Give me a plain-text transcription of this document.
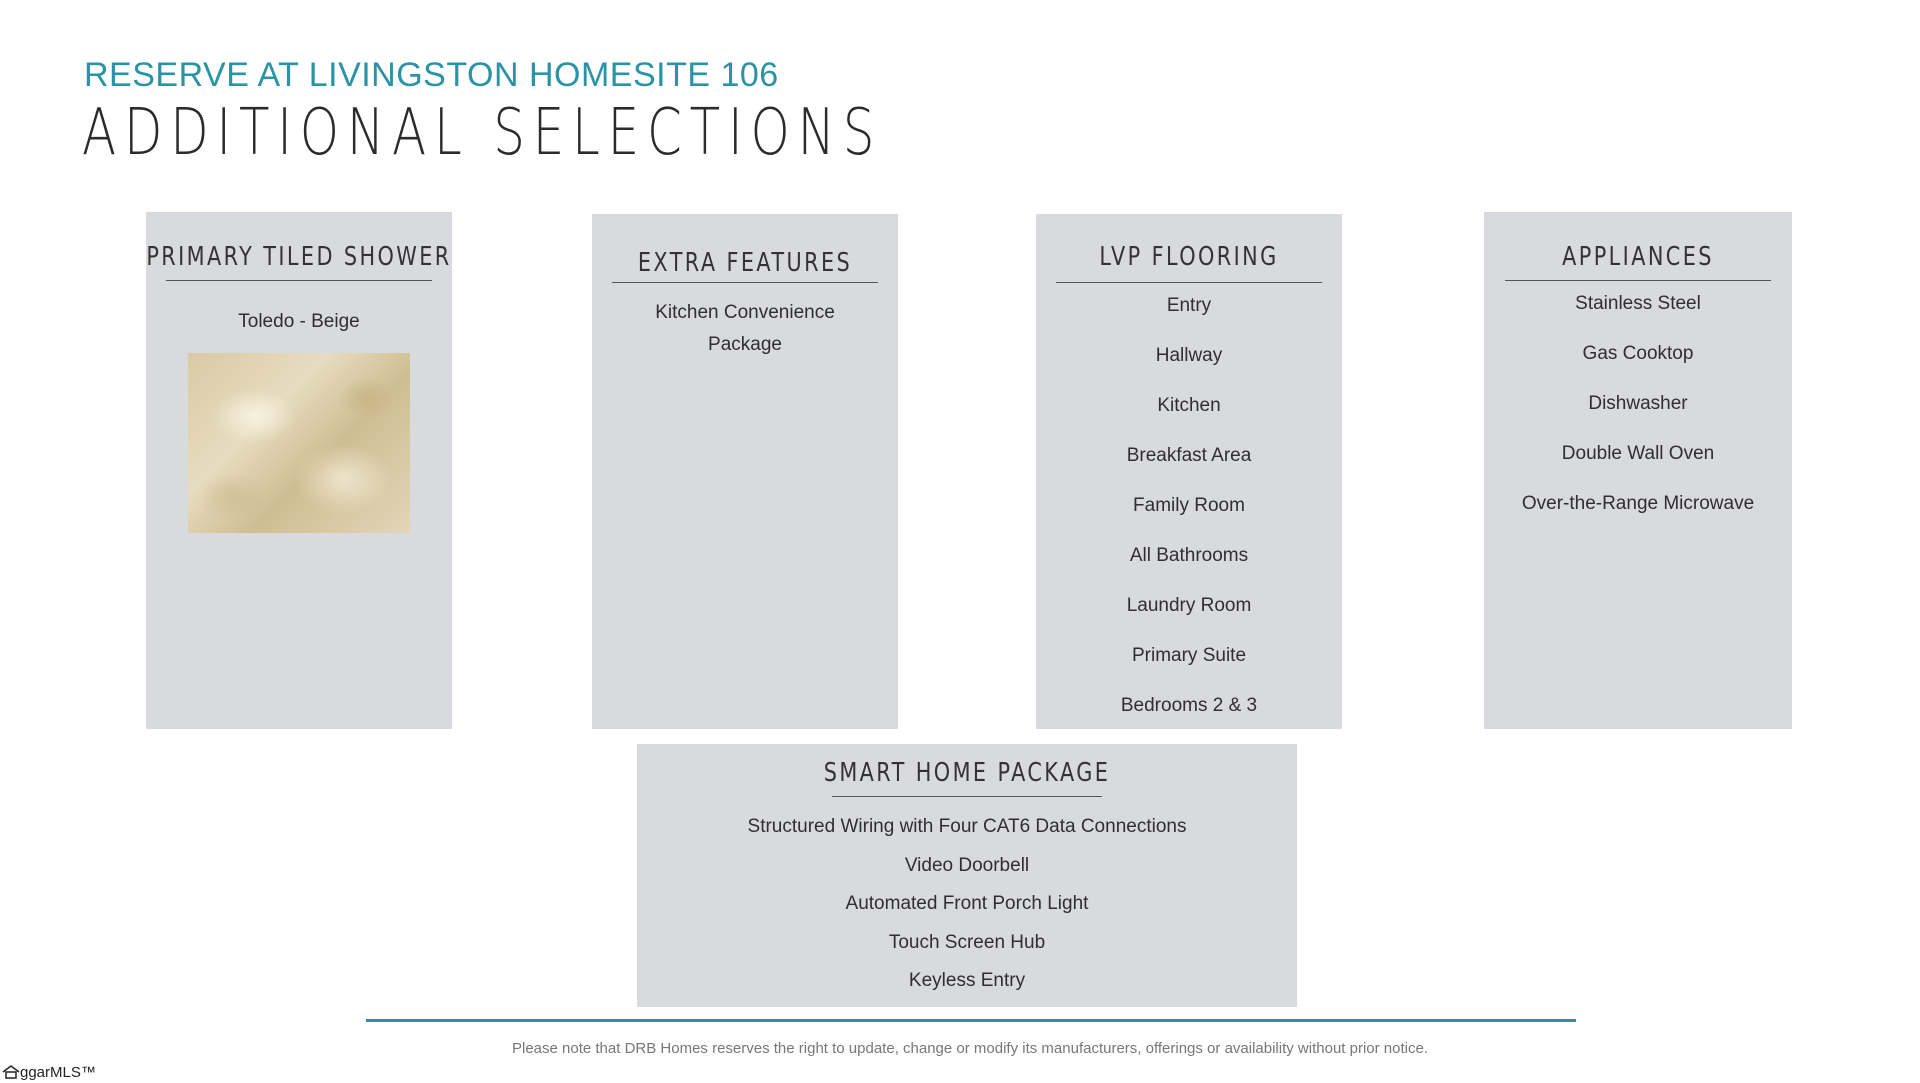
RESERVE AT LIVINGSTON HOMESITE 106
ADDITIONAL SELECTIONS
PRIMARY TILED SHOWER
Toledo - Beige
EXTRA FEATURES
Kitchen Convenience
Package
LVP FLOORING
Entry
Hallway
Kitchen
Breakfast Area
Family Room
All Bathrooms
Laundry Room
Primary Suite
Bedrooms 2 & 3
APPLIANCES
Stainless Steel
Gas Cooktop
Dishwasher
Double Wall Oven
Over-the-Range Microwave
SMART HOME PACKAGE
Structured Wiring with Four CAT6 Data Connections
Video Doorbell
Automated Front Porch Light
Touch Screen Hub
Keyless Entry
Please note that DRB Homes reserves the right to update, change or modify its manufacturers, offerings or availability without prior notice.
ggarMLS™
